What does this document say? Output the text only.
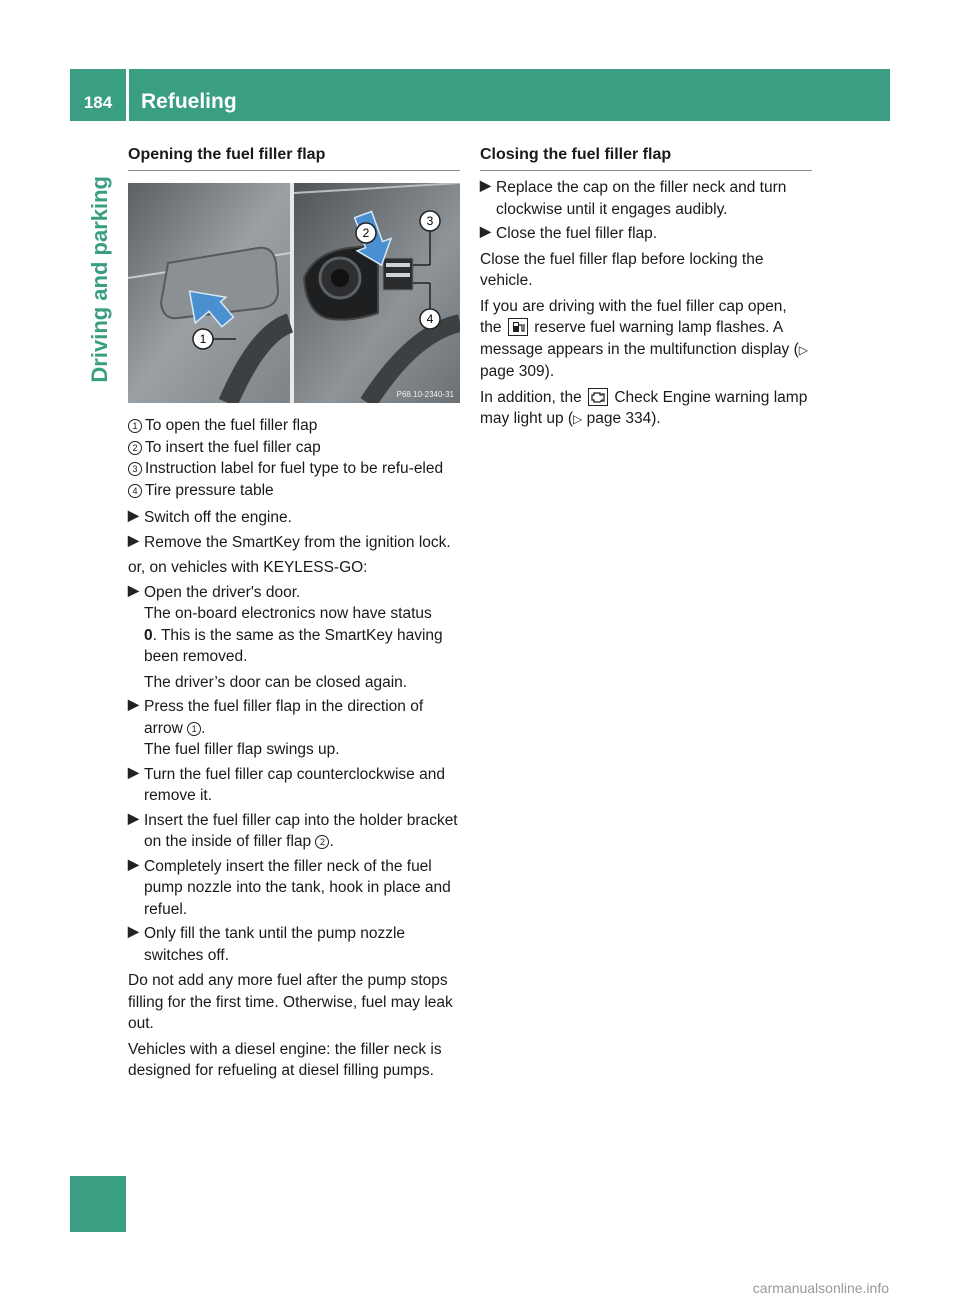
184	Refueling
Driving and parking
Opening the fuel filler flap
1
2
3
4
P68.10-2340-31
1 To open the fuel filler flap
2 To insert the fuel filler cap
3 Instruction label for fuel type to be refu-eled
4 Tire pressure table
▶ Switch off the engine.

▶ Remove the SmartKey from the ignition lock.

or, on vehicles with KEYLESS-GO:

▶ Open the driver's door.

The on-board electronics now have status
0. This is the same as the SmartKey having been removed.

The driver’s door can be closed again.

▶ Press the fuel filler flap in the direction of arrow 1 .

The fuel filler flap swings up.

▶ Turn the fuel filler cap counterclockwise and remove it.

▶ Insert the fuel filler cap into the holder bracket on the inside of filler flap 2 .

▶ Completely insert the filler neck of the fuel pump nozzle into the tank, hook in place and refuel.

▶ Only fill the tank until the pump nozzle switches off.

Do not add any more fuel after the pump stops filling for the first time. Otherwise, fuel may leak out.

Vehicles with a diesel engine: the filler neck is designed for refueling at diesel filling pumps.

Closing the fuel filler flap
▶ Replace the cap on the filler neck and turn clockwise until it engages audibly.

▶ Close the fuel filler flap.

Close the fuel filler flap before locking the vehicle.

If you are driving with the fuel filler cap open, the reserve fuel warning lamp flashes. A message appears in the multifunction display (▷ page 309).

In addition, the Check Engine warning lamp may light up (▷ page 334).

carmanualsonline.info
